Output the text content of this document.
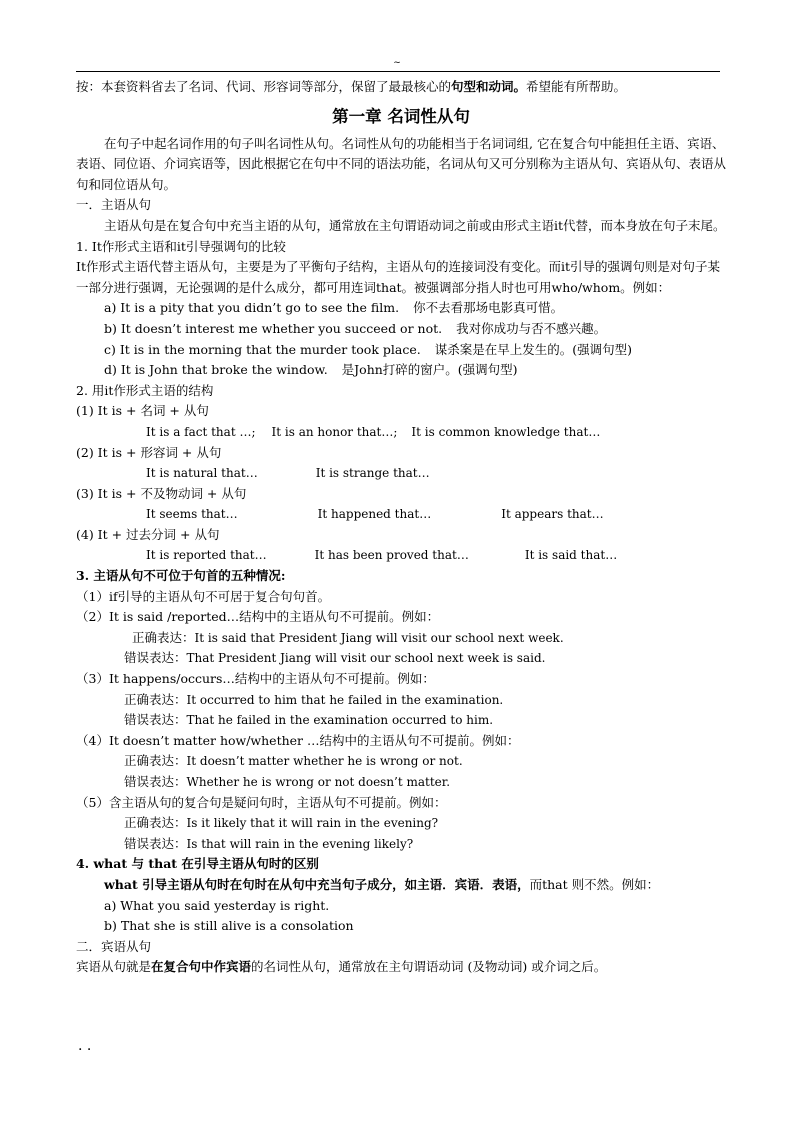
~
按：本套资料省去了名词、代词、形容词等部分，保留了最最核心的句型和动词。希望能有所帮助。
第一章 名词性从句

在句子中起名词作用的句子叫名词性从句。名词性从句的功能相当于名词词组, 它在复合句中能担任主语、宾语、表语、同位语、介词宾语等，因此根据它在句中不同的语法功能，名词从句又可分别称为主语从句、宾语从句、表语从句和同位语从句。

一．主语从句

主语从句是在复合句中充当主语的从句，通常放在主句谓语动词之前或由形式主语it代替，而本身放在句子末尾。

1. It作形式主语和it引导强调句的比较

It作形式主语代替主语从句，主要是为了平衡句子结构，主语从句的连接词没有变化。而it引导的强调句则是对句子某一部分进行强调，无论强调的是什么成分，都可用连词that。被强调部分指人时也可用who/whom。例如：

a) It is a pity that you didn’t go to see the film. 你不去看那场电影真可惜。
b) It doesn’t interest me whether you succeed or not. 我对你成功与否不感兴趣。
c) It is in the morning that the murder took place. 谋杀案是在早上发生的。(强调句型)
d) It is John that broke the window. 是John打碎的窗户。(强调句型)
2. 用it作形式主语的结构
(1) It is + 名词 + 从句
It is a fact that …; It is an honor that…; It is common knowledge that…
(2) It is + 形容词 + 从句
It is natural that…	It is strange that…
(3) It is + 不及物动词 + 从句
It seems that…	It happened that…	It appears that…
(4) It + 过去分词 + 从句
It is reported that…	It has been proved that…	It is said that…
3. 主语从句不可位于句首的五种情况:
（1）if引导的主语从句不可居于复合句句首。
（2）It is said /reported…结构中的主语从句不可提前。例如：
正确表达：It is said that President Jiang will visit our school next week.
错误表达：That President Jiang will visit our school next week is said.
（3）It happens/occurs…结构中的主语从句不可提前。例如：
正确表达：It occurred to him that he failed in the examination.
错误表达：That he failed in the examination occurred to him.
（4）It doesn’t matter how/whether …结构中的主语从句不可提前。例如：
正确表达：It doesn’t matter whether he is wrong or not.
错误表达：Whether he is wrong or not doesn’t matter.
（5）含主语从句的复合句是疑问句时，主语从句不可提前。例如：
正确表达：Is it likely that it will rain in the evening?
错误表达：Is that will rain in the evening likely?
4. what 与 that 在引导主语从句时的区别
what 引导主语从句时在句时在从句中充当句子成分，如主语．宾语．表语，而that 则不然。例如：
a) What you said yesterday is right.
b) That she is still alive is a consolation
二．宾语从句
宾语从句就是在复合句中作宾语的名词性从句，通常放在主句谓语动词 (及物动词) 或介词之后。
. .
